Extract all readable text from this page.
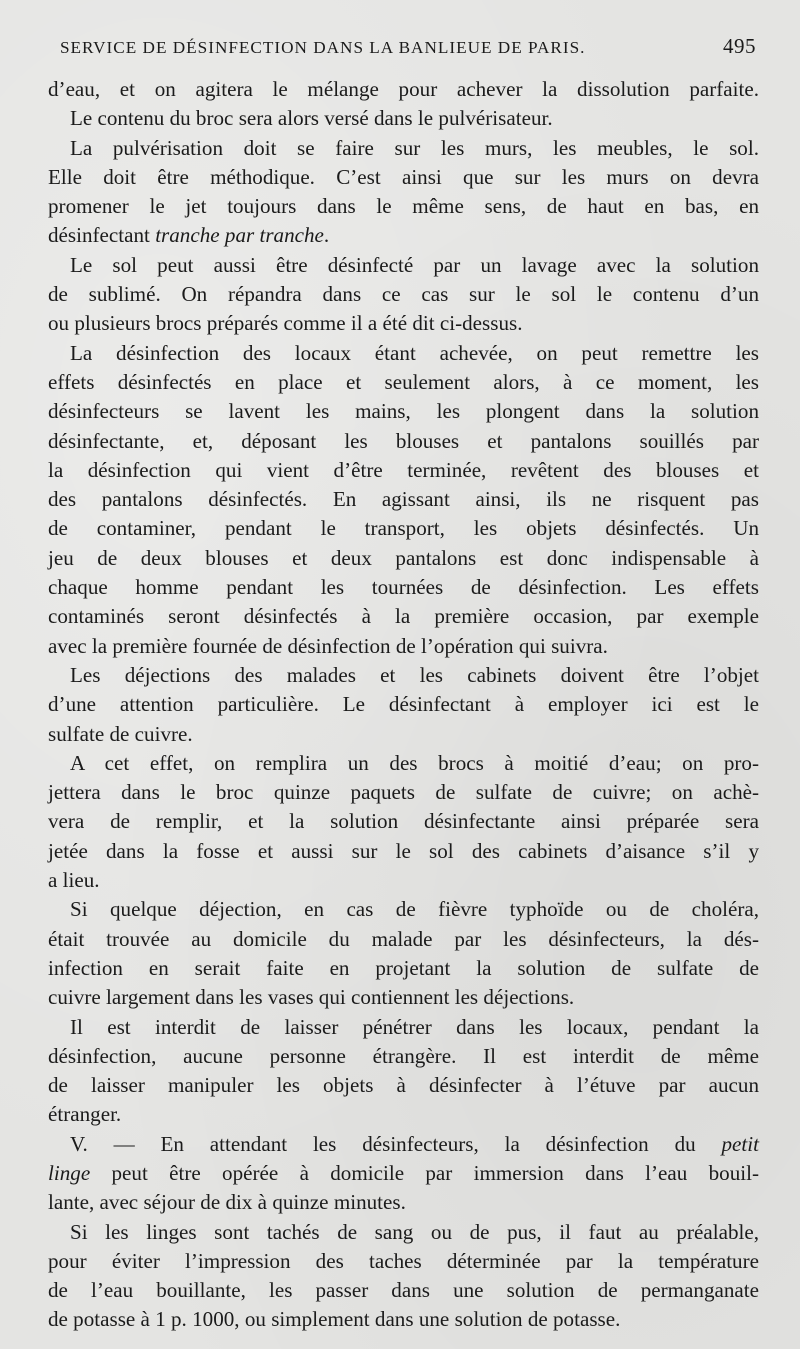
SERVICE DE DÉSINFECTION DANS LA BANLIEUE DE PARIS.	495
d’eau, et on agitera le mélange pour achever la dissolution parfaite.
Le contenu du broc sera alors versé dans le pulvérisateur.
La pulvérisation doit se faire sur les murs, les meubles, le sol.
Elle doit être méthodique. C’est ainsi que sur les murs on devra
promener le jet toujours dans le même sens, de haut en bas, en
désinfectant tranche par tranche.
Le sol peut aussi être désinfecté par un lavage avec la solution
de sublimé. On répandra dans ce cas sur le sol le contenu d’un
ou plusieurs brocs préparés comme il a été dit ci-dessus.
La désinfection des locaux étant achevée, on peut remettre les
effets désinfectés en place et seulement alors, à ce moment, les
désinfecteurs se lavent les mains, les plongent dans la solution
désinfectante, et, déposant les blouses et pantalons souillés par
la désinfection qui vient d’être terminée, revêtent des blouses et
des pantalons désinfectés. En agissant ainsi, ils ne risquent pas
de contaminer, pendant le transport, les objets désinfectés. Un
jeu de deux blouses et deux pantalons est donc indispensable à
chaque homme pendant les tournées de désinfection. Les effets
contaminés seront désinfectés à la première occasion, par exemple
avec la première fournée de désinfection de l’opération qui suivra.
Les déjections des malades et les cabinets doivent être l’objet
d’une attention particulière. Le désinfectant à employer ici est le
sulfate de cuivre.
A cet effet, on remplira un des brocs à moitié d’eau; on pro-
jettera dans le broc quinze paquets de sulfate de cuivre; on achè-
vera de remplir, et la solution désinfectante ainsi préparée sera
jetée dans la fosse et aussi sur le sol des cabinets d’aisance s’il y
a lieu.
Si quelque déjection, en cas de fièvre typhoïde ou de choléra,
était trouvée au domicile du malade par les désinfecteurs, la dés-
infection en serait faite en projetant la solution de sulfate de
cuivre largement dans les vases qui contiennent les déjections.
Il est interdit de laisser pénétrer dans les locaux, pendant la
désinfection, aucune personne étrangère. Il est interdit de même
de laisser manipuler les objets à désinfecter à l’étuve par aucun
étranger.
V. — En attendant les désinfecteurs, la désinfection du petit
linge peut être opérée à domicile par immersion dans l’eau bouil-
lante, avec séjour de dix à quinze minutes.
Si les linges sont tachés de sang ou de pus, il faut au préalable,
pour éviter l’impression des taches déterminée par la température
de l’eau bouillante, les passer dans une solution de permanganate
de potasse à 1 p. 1000, ou simplement dans une solution de potasse.
